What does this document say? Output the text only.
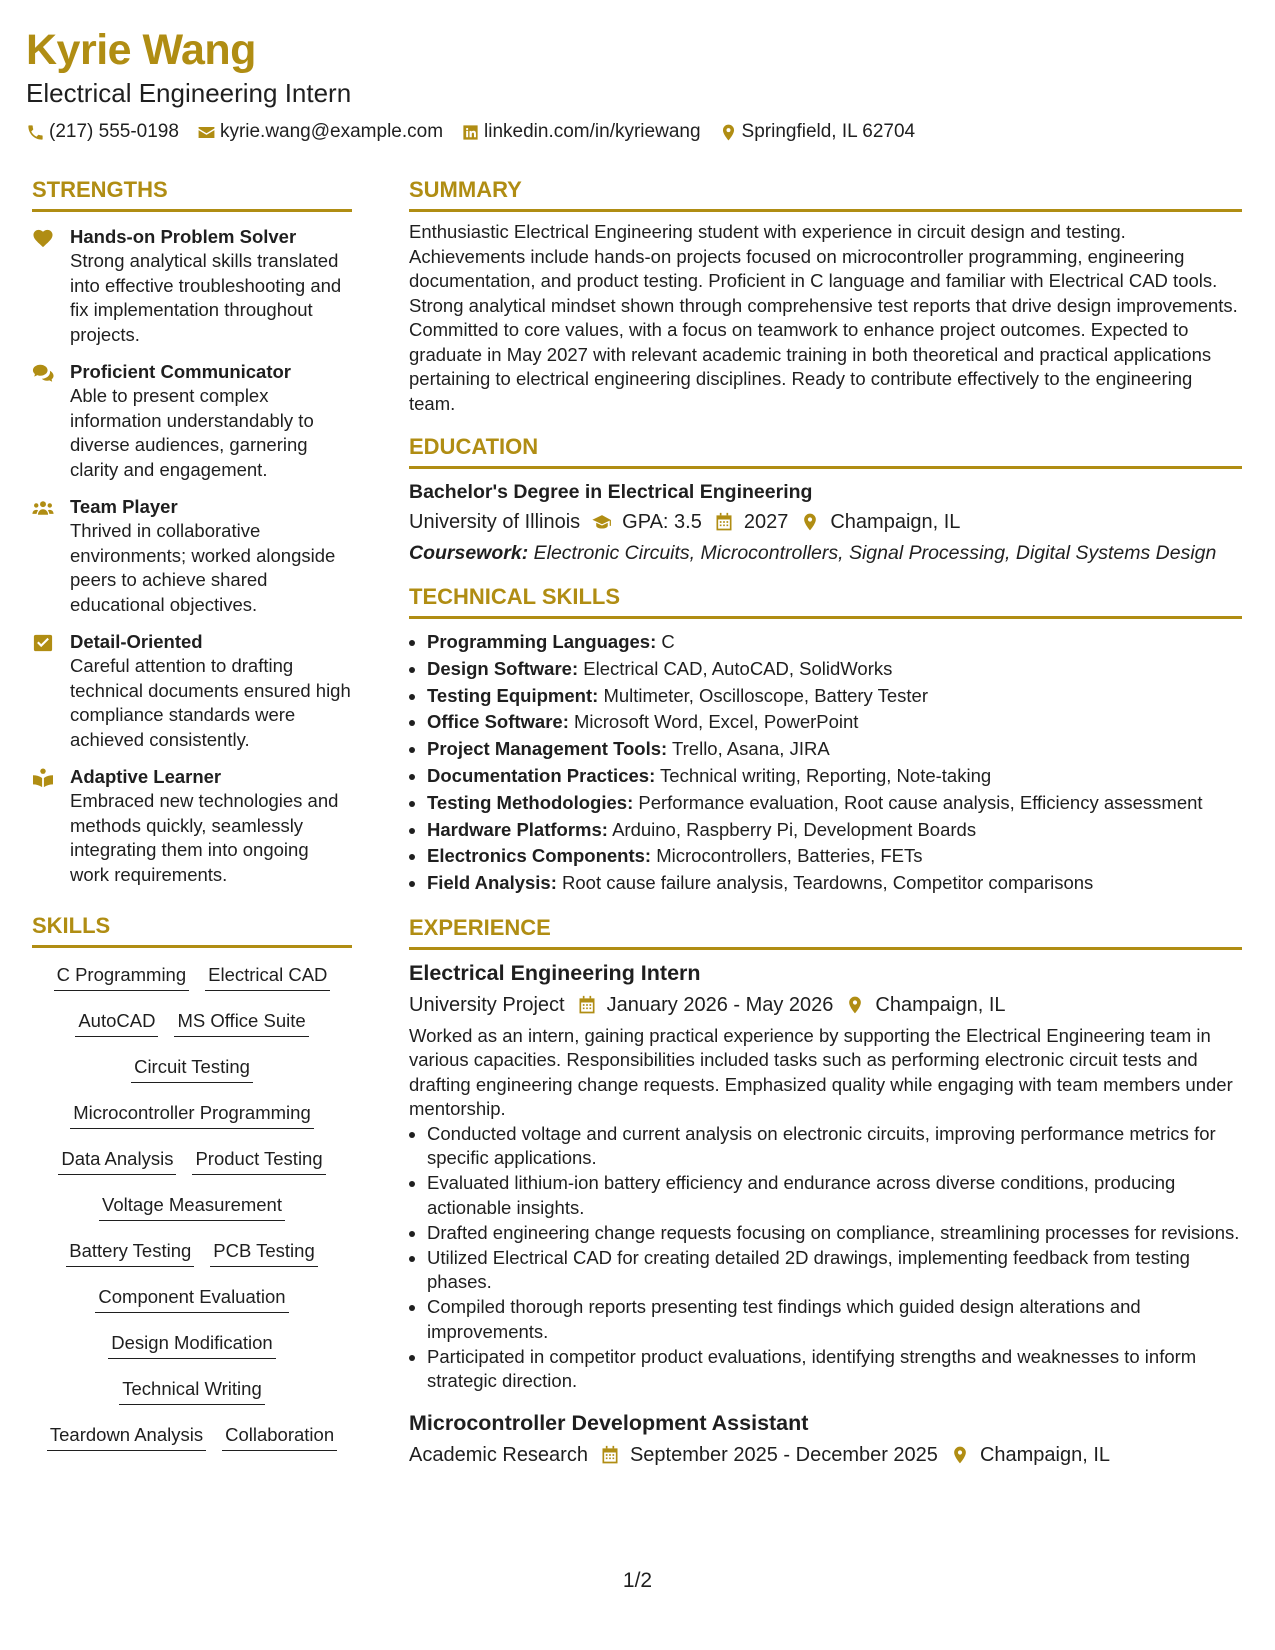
Kyrie Wang
Electrical Engineering Intern
(217) 555-0198 kyrie.wang@example.com linkedin.com/in/kyriewang Springfield, IL 62704
STRENGTHS
Hands-on Problem Solver
Strong analytical skills translated into effective troubleshooting and fix implementation throughout projects.
Proficient Communicator
Able to present complex information understandably to diverse audiences, garnering clarity and engagement.
Team Player
Thrived in collaborative environments; worked alongside peers to achieve shared educational objectives.
Detail-Oriented
Careful attention to drafting technical documents ensured high compliance standards were achieved consistently.
Adaptive Learner
Embraced new technologies and methods quickly, seamlessly integrating them into ongoing work requirements.
SKILLS
C Programming Electrical CAD
AutoCAD MS Office Suite
Circuit Testing
Microcontroller Programming
Data Analysis Product Testing
Voltage Measurement
Battery Testing PCB Testing
Component Evaluation
Design Modification
Technical Writing
Teardown Analysis Collaboration
SUMMARY
Enthusiastic Electrical Engineering student with experience in circuit design and testing. Achievements include hands-on projects focused on microcontroller programming, engineering documentation, and product testing. Proficient in C language and familiar with Electrical CAD tools. Strong analytical mindset shown through comprehensive test reports that drive design improvements. Committed to core values, with a focus on teamwork to enhance project outcomes. Expected to graduate in May 2027 with relevant academic training in both theoretical and practical applications pertaining to electrical engineering disciplines. Ready to contribute effectively to the engineering team.
EDUCATION
Bachelor's Degree in Electrical Engineering
University of Illinois GPA: 3.5 2027 Champaign, IL
Coursework: Electronic Circuits, Microcontrollers, Signal Processing, Digital Systems Design
TECHNICAL SKILLS
• Programming Languages: C
• Design Software: Electrical CAD, AutoCAD, SolidWorks
• Testing Equipment: Multimeter, Oscilloscope, Battery Tester
• Office Software: Microsoft Word, Excel, PowerPoint
• Project Management Tools: Trello, Asana, JIRA
• Documentation Practices: Technical writing, Reporting, Note-taking
• Testing Methodologies: Performance evaluation, Root cause analysis, Efficiency assessment
• Hardware Platforms: Arduino, Raspberry Pi, Development Boards
• Electronics Components: Microcontrollers, Batteries, FETs
• Field Analysis: Root cause failure analysis, Teardowns, Competitor comparisons
EXPERIENCE
Electrical Engineering Intern
University Project January 2026 - May 2026 Champaign, IL
Worked as an intern, gaining practical experience by supporting the Electrical Engineering team in various capacities. Responsibilities included tasks such as performing electronic circuit tests and drafting engineering change requests. Emphasized quality while engaging with team members under mentorship.
• Conducted voltage and current analysis on electronic circuits, improving performance metrics for specific applications.
• Evaluated lithium-ion battery efficiency and endurance across diverse conditions, producing actionable insights.
• Drafted engineering change requests focusing on compliance, streamlining processes for revisions.
• Utilized Electrical CAD for creating detailed 2D drawings, implementing feedback from testing phases.
• Compiled thorough reports presenting test findings which guided design alterations and improvements.
• Participated in competitor product evaluations, identifying strengths and weaknesses to inform strategic direction.
Microcontroller Development Assistant
Academic Research September 2025 - December 2025 Champaign, IL
1/2
